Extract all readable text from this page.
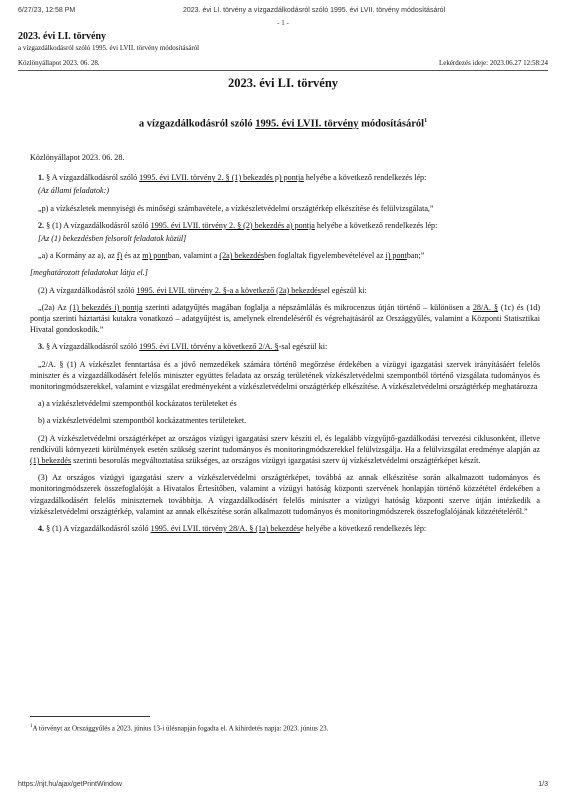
6/27/23, 12:58 PM	2023. évi LI. törvény a vízgazdálkodásról szóló 1995. évi LVII. törvény módosításáról
- 1 -
2023. évi LI. törvény
a vízgazdálkodásról szóló 1995. évi LVII. törvény módosításáról
Közlönyállapot 2023. 06. 28.	Lekérdezés ideje: 2023.06.27 12:58:24
2023. évi LI. törvény
a vízgazdálkodásról szóló 1995. évi LVII. törvény módosításáról$^1$

Közlönyállapot 2023. 06. 28.

1. § A vízgazdálkodásról szóló 1995. évi LVII. törvény 2. § (1) bekezdés p) pontja helyébe a következő rendelkezés lép:

(Az állami feladatok:)

„p) a vízkészletek mennyiségi és minőségi számbavétele, a vízkészletvédelmi országtérkép elkészítése és felülvizsgálata,”

2. § (1) A vízgazdálkodásról szóló 1995. évi LVII. törvény 2. § (2) bekezdés a) pontja helyébe a következő rendelkezés lép:

[Az (1) bekezdésben felsorolt feladatok közül]

„a) a Kormány az a), az f) és az m) pontban, valamint a (2a) bekezdésben foglaltak figyelembevételével az i) pontban;”

[meghatározott feladatokat látja el.]

(2) A vízgazdálkodásról szóló 1995. évi LVII. törvény 2. §-a a következő (2a) bekezdéssel egészül ki:

„(2a) Az (1) bekezdés i) pontja szerinti adatgyűjtés magában foglalja a népszámlálás és mikrocenzus útján történő – különösen a 28/A. § (1c) és (1d) pontja szerinti háztartási kutakra vonatkozó – adatgyűjtést is, amelynek elrendeléséről és végrehajtásáról az Országgyűlés, valamint a Központi Statisztikai Hivatal gondoskodik.”

3. § A vízgazdálkodásról szóló 1995. évi LVII. törvény a következő 2/A. §-sal egészül ki:

„2/A. § (1) A vízkészlet fenntartása és a jövő nemzedékek számára történő megőrzése érdekében a vízügyi igazgatási szervek irányításáért felelős miniszter és a vízgazdálkodásért felelős miniszter együttes feladata az ország területének vízkészletvédelmi szempontból történő vizsgálata tudományos és monitoringmódszerekkel, valamint e vizsgálat eredményeként a vízkészletvédelmi országtérkép elkészítése. A vízkészletvédelmi országtérkép meghatározza

a) a vízkészletvédelmi szempontból kockázatos területeket és

b) a vízkészletvédelmi szempontból kockázatmentes területeket.

(2) A vízkészletvédelmi országtérképet az országos vízügyi igazgatási szerv készíti el, és legalább vízgyűjtő-gazdálkodási tervezési ciklusonként, illetve rendkívüli környezeti körülmények esetén szükség szerint tudományos és monitoringmódszerekkel felülvizsgálja. Ha a felülvizsgálat eredménye alapján az (1) bekezdés szerinti besorolás megváltoztatása szükséges, az országos vízügyi igazgatási szerv új vízkészletvédelmi országtérképet készít.

(3) Az országos vízügyi igazgatási szerv a vízkészletvédelmi országtérképet, továbbá az annak elkészítése során alkalmazott tudományos és monitoringmódszerek összefoglalóját a Hivatalos Értesítőben, valamint a vízügyi hatóság központi szervének honlapján történő közzététel érdekében a vízgazdálkodásért felelős miniszternek továbbítja. A vízgazdálkodásért felelős miniszter a vízügyi hatóság központi szerve útján intézkedik a vízkészletvédelmi országtérkép, valamint az annak elkészítése során alkalmazott tudományos és monitoringmódszerek összefoglalójának közzétételéről.”

4. § (1) A vízgazdálkodásról szóló 1995. évi LVII. törvény 28/A. § (1a) bekezdése helyébe a következő rendelkezés lép:

$^1$A törvényt az Országgyűlés a 2023. június 13-i ülésnapján fogadta el. A kihirdetés napja: 2023. június 23.
https://njt.hu/ajax/getPrintWindow	1/3
